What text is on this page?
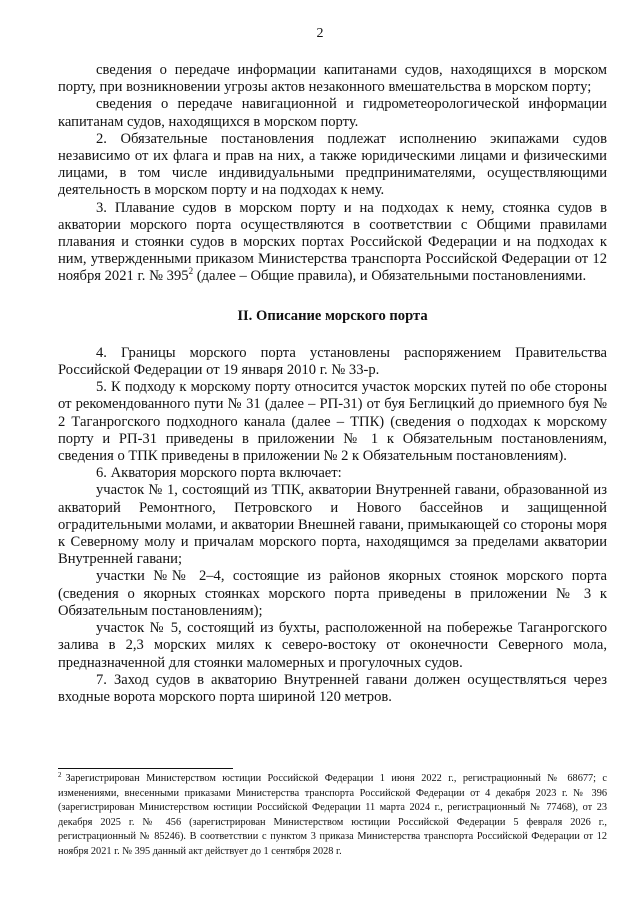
2

сведения о передаче информации капитанами судов, находящихся в морском порту, при возникновении угрозы актов незаконного вмешательства в морском порту;

сведения о передаче навигационной и гидрометеорологической информации капитанам судов, находящихся в морском порту.

2. Обязательные постановления подлежат исполнению экипажами судов независимо от их флага и прав на них, а также юридическими лицами и физическими лицами, в том числе индивидуальными предпринимателями, осуществляющими деятельность в морском порту и на подходах к нему.

3. Плавание судов в морском порту и на подходах к нему, стоянка судов в акватории морского порта осуществляются в соответствии с Общими правилами плавания и стоянки судов в морских портах Российской Федерации и на подходах к ним, утвержденными приказом Министерства транспорта Российской Федерации от 12 ноября 2021 г. № $395^2$ (далее – Общие правила), и Обязательными постановлениями.

II. Описание морского порта

4. Границы морского порта установлены распоряжением Правительства Российской Федерации от 19 января 2010 г. № 33-р.

5. К подходу к морскому порту относится участок морских путей по обе стороны от рекомендованного пути № 31 (далее – РП-31) от буя Беглицкий до приемного буя № 2 Таганрогского подходного канала (далее – ТПК) (сведения о подходах к морскому порту и РП-31 приведены в приложении № 1 к Обязательным постановлениям, сведения о ТПК приведены в приложении № 2 к Обязательным постановлениям).

6. Акватория морского порта включает:

участок № 1, состоящий из ТПК, акватории Внутренней гавани, образованной из акваторий Ремонтного, Петровского и Нового бассейнов и защищенной оградительными молами, и акватории Внешней гавани, примыкающей со стороны моря к Северному молу и причалам морского порта, находящимся за пределами акватории Внутренней гавани;

участки №№ 2–4, состоящие из районов якорных стоянок морского порта (сведения о якорных стоянках морского порта приведены в приложении № 3 к Обязательным постановлениям);

участок № 5, состоящий из бухты, расположенной на побережье Таганрогского залива в 2,3 морских милях к северо-востоку от оконечности Северного мола, предназначенной для стоянки маломерных и прогулочных судов.

7. Заход судов в акваторию Внутренней гавани должен осуществляться через входные ворота морского порта шириной 120 метров.

$^2$ Зарегистрирован Министерством юстиции Российской Федерации 1 июня 2022 г., регистрационный № 68677; с изменениями, внесенными приказами Министерства транспорта Российской Федерации от 4 декабря 2023 г. № 396 (зарегистрирован Министерством юстиции Российской Федерации 11 марта 2024 г., регистрационный № 77468), от 23 декабря 2025 г. № 456 (зарегистрирован Министерством юстиции Российской Федерации 5 февраля 2026 г., регистрационный № 85246). В соответствии с пунктом 3 приказа Министерства транспорта Российской Федерации от 12 ноября 2021 г. № 395 данный акт действует до 1 сентября 2028 г.
